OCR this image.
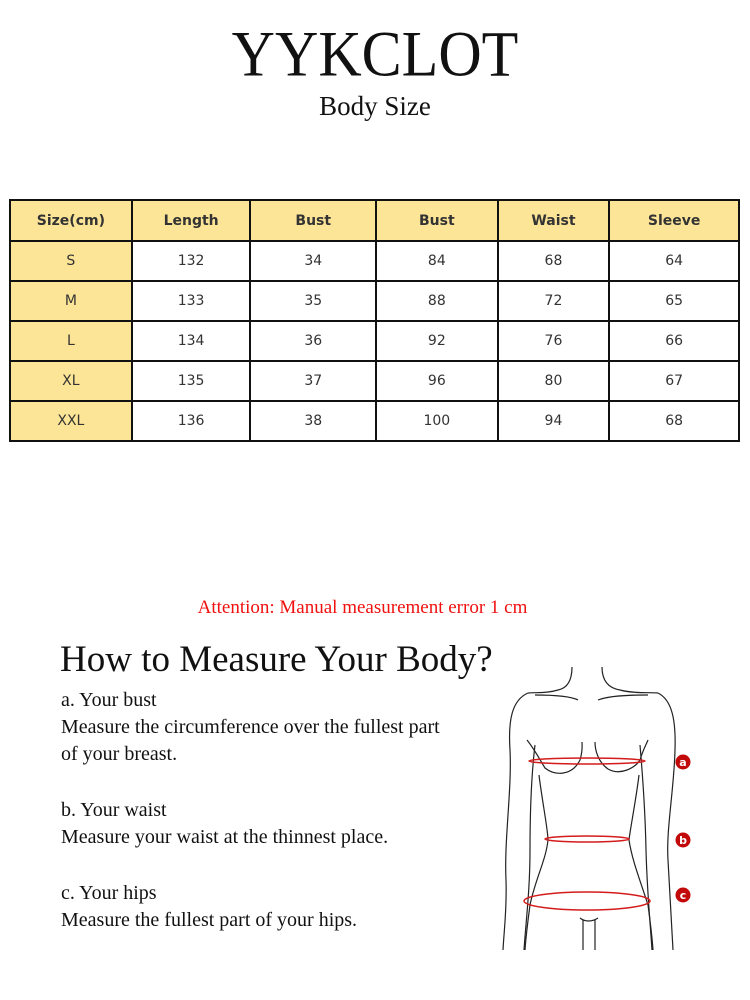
YYKCLOT
Body Size
Size(cm)	Length	Bust	Bust	Waist	Sleeve
S	132	34	84	68	64
M	133	35	88	72	65
L	134	36	92	76	66
XL	135	37	96	80	67
XXL	136	38	100	94	68
Attention: Manual measurement error 1 cm
How to Measure Your Body?
a. Your bust
Measure the circumference over the fullest part
of your breast.
b. Your waist
Measure your waist at the thinnest place.
c. Your hips
Measure the fullest part of your hips.
a
b
c
